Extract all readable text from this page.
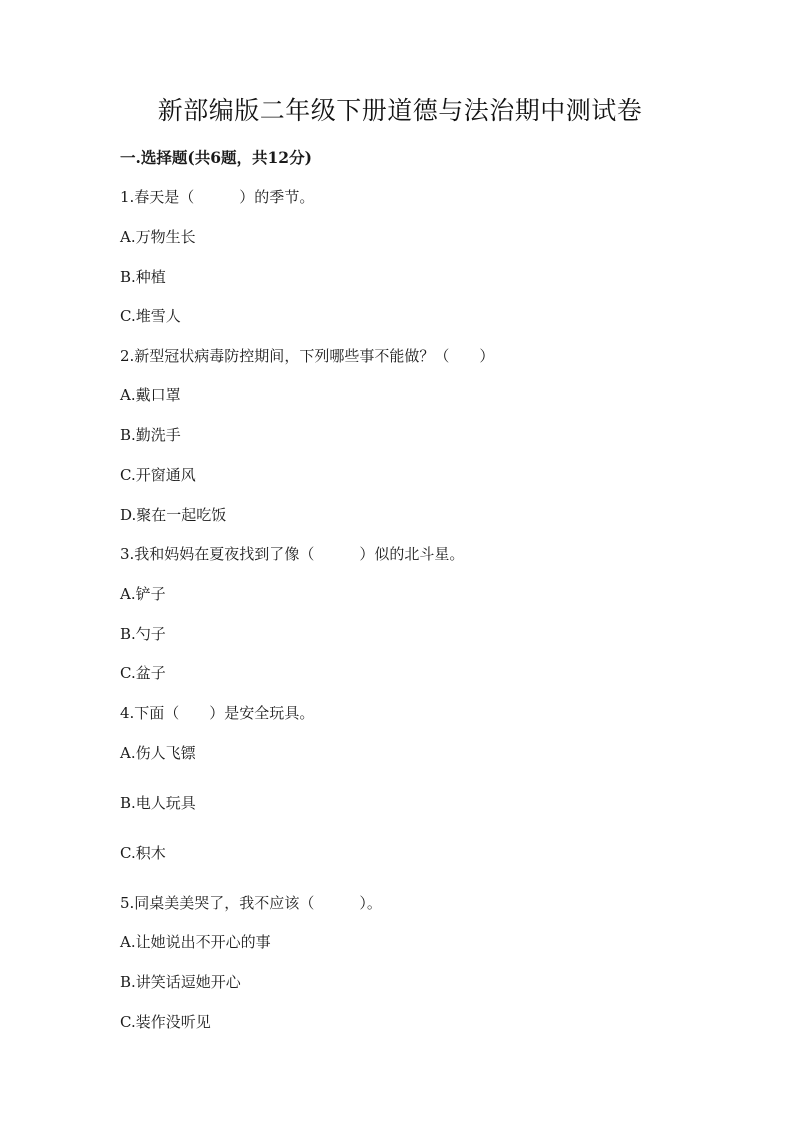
新部编版二年级下册道德与法治期中测试卷
一.选择题(共6题，共12分)
1.春天是（　　　）的季节。
A.万物生长
B.种植
C.堆雪人
2.新型冠状病毒防控期间，下列哪些事不能做？（　　）
A.戴口罩
B.勤洗手
C.开窗通风
D.聚在一起吃饭
3.我和妈妈在夏夜找到了像（　　　）似的北斗星。
A.铲子
B.勺子
C.盆子
4.下面（　　）是安全玩具。
A.伤人飞镖
B.电人玩具
C.积木
5.同桌美美哭了，我不应该（　　　）。
A.让她说出不开心的事
B.讲笑话逗她开心
C.装作没听见
